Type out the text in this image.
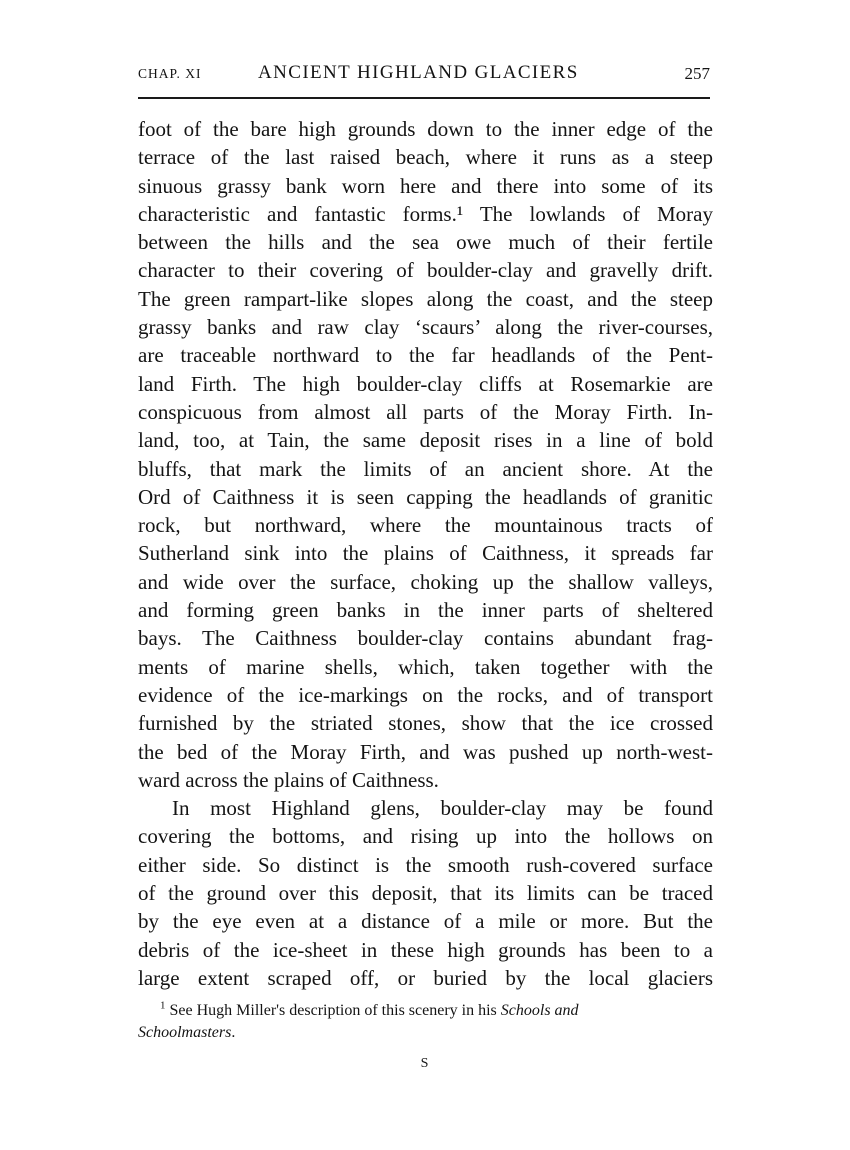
CHAP. XI	ANCIENT HIGHLAND GLACIERS	257
foot of the bare high grounds down to the inner edge of the
terrace of the last raised beach, where it runs as a steep
sinuous grassy bank worn here and there into some of its
characteristic and fantastic forms.¹ The lowlands of Moray
between the hills and the sea owe much of their fertile
character to their covering of boulder-clay and gravelly drift.
The green rampart-like slopes along the coast, and the steep
grassy banks and raw clay ‘scaurs’ along the river-courses,
are traceable northward to the far headlands of the Pent-
land Firth. The high boulder-clay cliffs at Rosemarkie are
conspicuous from almost all parts of the Moray Firth. In-
land, too, at Tain, the same deposit rises in a line of bold
bluffs, that mark the limits of an ancient shore. At the
Ord of Caithness it is seen capping the headlands of granitic
rock, but northward, where the mountainous tracts of
Sutherland sink into the plains of Caithness, it spreads far
and wide over the surface, choking up the shallow valleys,
and forming green banks in the inner parts of sheltered
bays. The Caithness boulder-clay contains abundant frag-
ments of marine shells, which, taken together with the
evidence of the ice-markings on the rocks, and of transport
furnished by the striated stones, show that the ice crossed
the bed of the Moray Firth, and was pushed up north-west-
ward across the plains of Caithness.
In most Highland glens, boulder-clay may be found
covering the bottoms, and rising up into the hollows on
either side. So distinct is the smooth rush-covered surface
of the ground over this deposit, that its limits can be traced
by the eye even at a distance of a mile or more. But the
debris of the ice-sheet in these high grounds has been to a
large extent scraped off, or buried by the local glaciers
$^1$ See Hugh Miller's description of this scenery in his Schools and
Schoolmasters.
S
